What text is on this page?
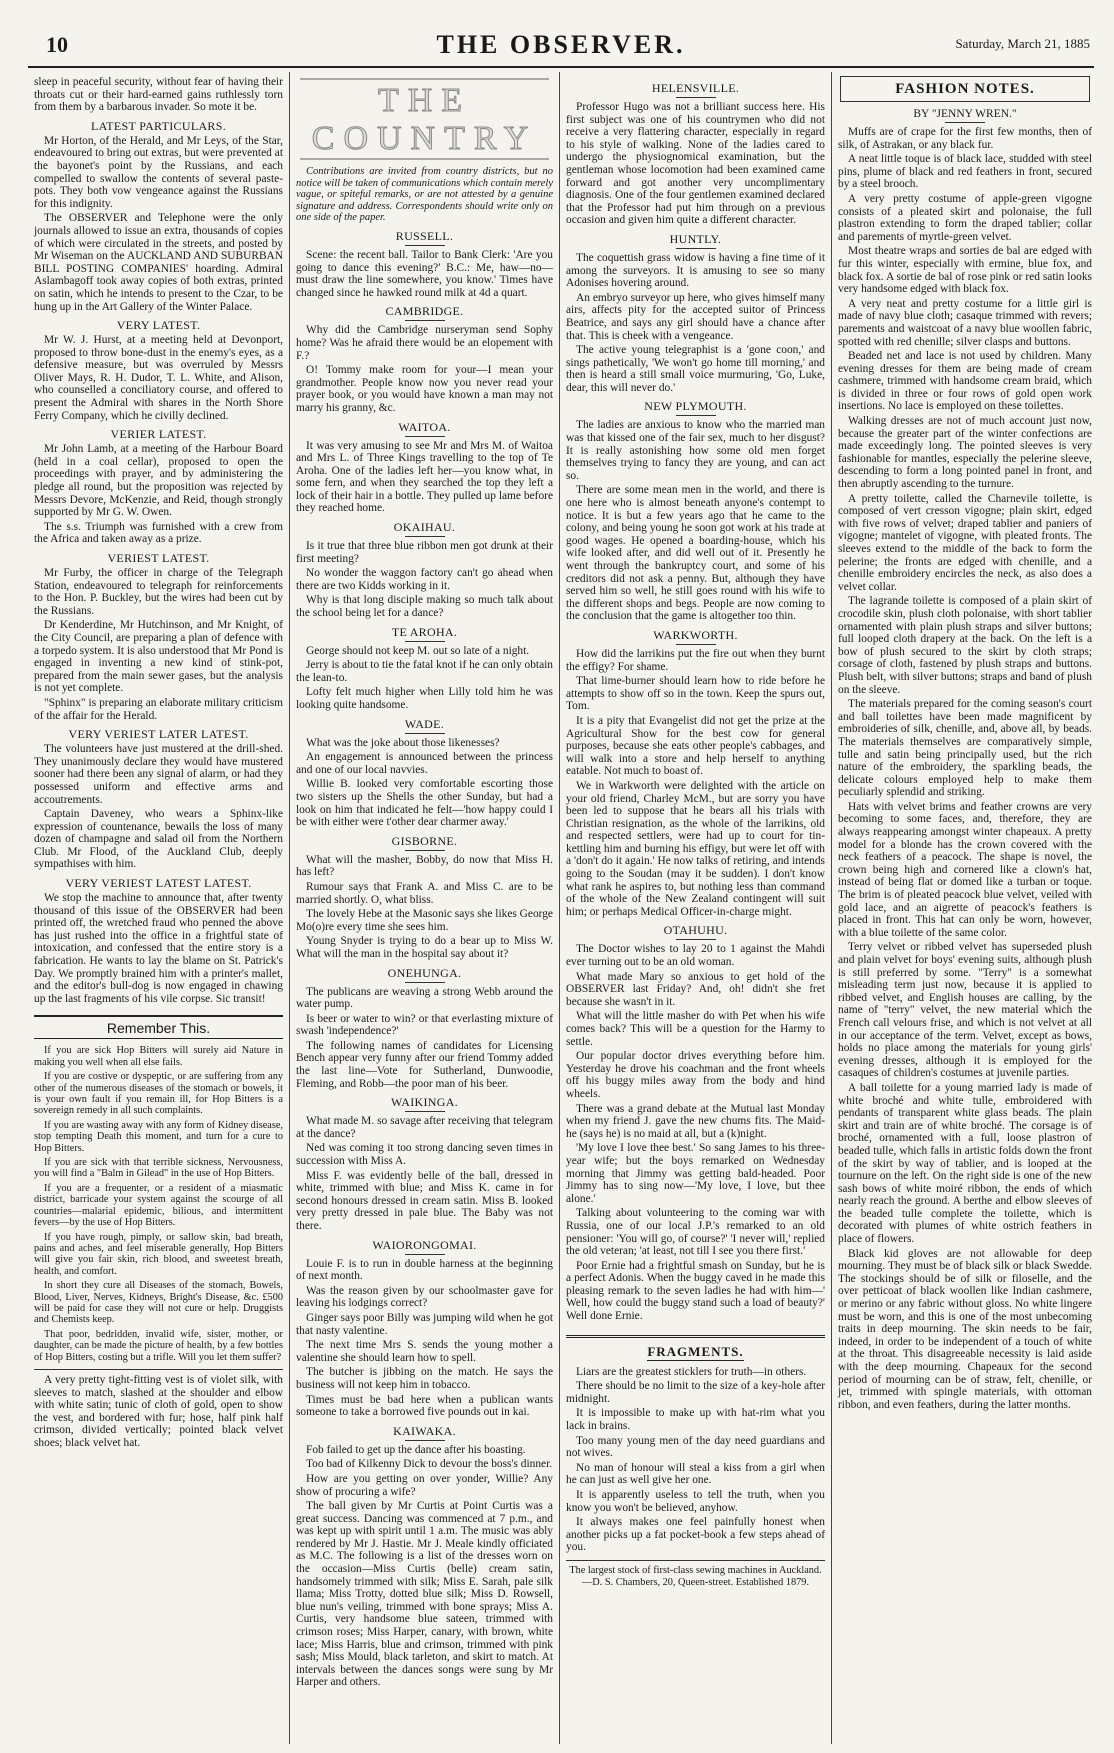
10	THE OBSERVER.	Saturday, March 21, 1885

sleep in peaceful security, without fear of having their throats cut or their hard-earned gains ruthlessly torn from them by a barbarous invader. So mote it be.

LATEST PARTICULARS.

Mr Horton, of the Herald, and Mr Leys, of the Star, endeavoured to bring out extras, but were prevented at the bayonet's point by the Russians, and each compelled to swallow the contents of several paste-pots. They both vow vengeance against the Russians for this indignity.

The OBSERVER and Telephone were the only journals allowed to issue an extra, thousands of copies of which were circulated in the streets, and posted by Mr Wiseman on the AUCKLAND AND SUBURBAN BILL POSTING COMPANIES' hoarding. Admiral Aslambagoff took away copies of both extras, printed on satin, which he intends to present to the Czar, to be hung up in the Art Gallery of the Winter Palace.

VERY LATEST.

Mr W. J. Hurst, at a meeting held at Devonport, proposed to throw bone-dust in the enemy's eyes, as a defensive measure, but was overruled by Messrs Oliver Mays, R. H. Dudor, T. L. White, and Alison, who counselled a conciliatory course, and offered to present the Admiral with shares in the North Shore Ferry Company, which he civilly declined.

VERIER LATEST.

Mr John Lamb, at a meeting of the Harbour Board (held in a coal cellar), proposed to open the proceedings with prayer, and by administering the pledge all round, but the proposition was rejected by Messrs Devore, McKenzie, and Reid, though strongly supported by Mr G. W. Owen.

The s.s. Triumph was furnished with a crew from the Africa and taken away as a prize.

VERIEST LATEST.

Mr Furby, the officer in charge of the Telegraph Station, endeavoured to telegraph for reinforcements to the Hon. P. Buckley, but the wires had been cut by the Russians.

Dr Kenderdine, Mr Hutchinson, and Mr Knight, of the City Council, are preparing a plan of defence with a torpedo system. It is also understood that Mr Pond is engaged in inventing a new kind of stink-pot, prepared from the main sewer gases, but the analysis is not yet complete.

"Sphinx" is preparing an elaborate military criticism of the affair for the Herald.

VERY VERIEST LATER LATEST.

The volunteers have just mustered at the drill-shed. They unanimously declare they would have mustered sooner had there been any signal of alarm, or had they possessed uniform and effective arms and accoutrements.

Captain Daveney, who wears a Sphinx-like expression of countenance, bewails the loss of many dozen of champagne and salad oil from the Northern Club. Mr Flood, of the Auckland Club, deeply sympathises with him.

VERY VERIEST LATEST LATEST.

We stop the machine to announce that, after twenty thousand of this issue of the OBSERVER had been printed off, the wretched fraud who penned the above has just rushed into the office in a frightful state of intoxication, and confessed that the entire story is a fabrication. He wants to lay the blame on St. Patrick's Day. We promptly brained him with a printer's mallet, and the editor's bull-dog is now engaged in chawing up the last fragments of his vile corpse. Sic transit!

Remember This.

If you are sick Hop Bitters will surely aid Nature in making you well when all else fails.

If you are costive or dyspeptic, or are suffering from any other of the numerous diseases of the stomach or bowels, it is your own fault if you remain ill, for Hop Bitters is a sovereign remedy in all such complaints.

If you are wasting away with any form of Kidney disease, stop tempting Death this moment, and turn for a cure to Hop Bitters.

If you are sick with that terrible sickness, Nervousness, you will find a "Balm in Gilead" in the use of Hop Bitters.

If you are a frequenter, or a resident of a miasmatic district, barricade your system against the scourge of all countries—malarial epidemic, bilious, and intermittent fevers—by the use of Hop Bitters.

If you have rough, pimply, or sallow skin, bad breath, pains and aches, and feel miserable generally, Hop Bitters will give you fair skin, rich blood, and sweetest breath, health, and comfort.

In short they cure all Diseases of the stomach, Bowels, Blood, Liver, Nerves, Kidneys, Bright's Disease, &c. £500 will be paid for case they will not cure or help. Druggists and Chemists keep.

That poor, bedridden, invalid wife, sister, mother, or daughter, can be made the picture of health, by a few bottles of Hop Bitters, costing but a trifle. Will you let them suffer?

A very pretty tight-fitting vest is of violet silk, with sleeves to match, slashed at the shoulder and elbow with white satin; tunic of cloth of gold, open to show the vest, and bordered with fur; hose, half pink half crimson, divided vertically; pointed black velvet shoes; black velvet hat.

THE COUNTRY

Contributions are invited from country districts, but no notice will be taken of communications which contain merely vague, or spiteful remarks, or are not attested by a genuine signature and address. Correspondents should write only on one side of the paper.

RUSSELL.

Scene: the recent ball. Tailor to Bank Clerk: 'Are you going to dance this evening?' B.C.: Me, haw—no—must draw the line somewhere, you know.' Times have changed since he hawked round milk at 4d a quart.

CAMBRIDGE.

Why did the Cambridge nurseryman send Sophy home? Was he afraid there would be an elopement with F.?

O! Tommy make room for your—I mean your grandmother. People know now you never read your prayer book, or you would have known a man may not marry his granny, &c.

WAITOA.

It was very amusing to see Mr and Mrs M. of Waitoa and Mrs L. of Three Kings travelling to the top of Te Aroha. One of the ladies left her—you know what, in some fern, and when they searched the top they left a lock of their hair in a bottle. They pulled up lame before they reached home.

OKAIHAU.

Is it true that three blue ribbon men got drunk at their first meeting?

No wonder the waggon factory can't go ahead when there are two Kidds working in it.

Why is that long disciple making so much talk about the school being let for a dance?

TE AROHA.

George should not keep M. out so late of a night.

Jerry is about to tie the fatal knot if he can only obtain the lean-to.

Lofty felt much higher when Lilly told him he was looking quite handsome.

WADE.

What was the joke about those likenesses?

An engagement is announced between the princess and one of our local navvies.

Willie B. looked very comfortable escorting those two sisters up the Shells the other Sunday, but had a look on him that indicated he felt—'how happy could I be with either were t'other dear charmer away.'

GISBORNE.

What will the masher, Bobby, do now that Miss H. has left?

Rumour says that Frank A. and Miss C. are to be married shortly. O, what bliss.

The lovely Hebe at the Masonic says she likes George Mo(o)re every time she sees him.

Young Snyder is trying to do a bear up to Miss W. What will the man in the hospital say about it?

ONEHUNGA.

The publicans are weaving a strong Webb around the water pump.

Is beer or water to win? or that everlasting mixture of swash 'independence?'

The following names of candidates for Licensing Bench appear very funny after our friend Tommy added the last line—Vote for Sutherland, Dunwoodie, Fleming, and Robb—the poor man of his beer.

WAIKINGA.

What made M. so savage after receiving that telegram at the dance?

Ned was coming it too strong dancing seven times in succession with Miss A.

Miss F. was evidently belle of the ball, dressed in white, trimmed with blue; and Miss K. came in for second honours dressed in cream satin. Miss B. looked very pretty dressed in pale blue. The Baby was not there.

WAIORONGOMAI.

Louie F. is to run in double harness at the beginning of next month.

Was the reason given by our schoolmaster gave for leaving his lodgings correct?

Ginger says poor Billy was jumping wild when he got that nasty valentine.

The next time Mrs S. sends the young mother a valentine she should learn how to spell.

The butcher is jibbing on the match. He says the business will not keep him in tobacco.

Times must be bad here when a publican wants someone to take a borrowed five pounds out in kai.

KAIWAKA.

Fob failed to get up the dance after his boasting.

Too bad of Kilkenny Dick to devour the boss's dinner.

How are you getting on over yonder, Willie? Any show of procuring a wife?

The ball given by Mr Curtis at Point Curtis was a great success. Dancing was commenced at 7 p.m., and was kept up with spirit until 1 a.m. The music was ably rendered by Mr J. Hastie. Mr J. Meale kindly officiated as M.C. The following is a list of the dresses worn on the occasion—Miss Curtis (belle) cream satin, handsomely trimmed with silk; Miss E. Sarah, pale silk llama; Miss Trotty, dotted blue silk; Miss D. Rowsell, blue nun's veiling, trimmed with bone sprays; Miss A. Curtis, very handsome blue sateen, trimmed with crimson roses; Miss Harper, canary, with brown, white lace; Miss Harris, blue and crimson, trimmed with pink sash; Miss Mould, black tarleton, and skirt to match. At intervals between the dances songs were sung by Mr Harper and others.

HELENSVILLE.

Professor Hugo was not a brilliant success here. His first subject was one of his countrymen who did not receive a very flattering character, especially in regard to his style of walking. None of the ladies cared to undergo the physiognomical examination, but the gentleman whose locomotion had been examined came forward and got another very uncomplimentary diagnosis. One of the four gentlemen examined declared that the Professor had put him through on a previous occasion and given him quite a different character.

HUNTLY.

The coquettish grass widow is having a fine time of it among the surveyors. It is amusing to see so many Adonises hovering around.

An embryo surveyor up here, who gives himself many airs, affects pity for the accepted suitor of Princess Beatrice, and says any girl should have a chance after that. This is cheek with a vengeance.

The active young telegraphist is a 'gone coon,' and sings pathetically, 'We won't go home till morning,' and then is heard a still small voice murmuring, 'Go, Luke, dear, this will never do.'

NEW PLYMOUTH.

The ladies are anxious to know who the married man was that kissed one of the fair sex, much to her disgust? It is really astonishing how some old men forget themselves trying to fancy they are young, and can act so.

There are some mean men in the world, and there is one here who is almost beneath anyone's contempt to notice. It is but a few years ago that he came to the colony, and being young he soon got work at his trade at good wages. He opened a boarding-house, which his wife looked after, and did well out of it. Presently he went through the bankruptcy court, and some of his creditors did not ask a penny. But, although they have served him so well, he still goes round with his wife to the different shops and begs. People are now coming to the conclusion that the game is altogether too thin.

WARKWORTH.

How did the larrikins put the fire out when they burnt the effigy? For shame.

That lime-burner should learn how to ride before he attempts to show off so in the town. Keep the spurs out, Tom.

It is a pity that Evangelist did not get the prize at the Agricultural Show for the best cow for general purposes, because she eats other people's cabbages, and will walk into a store and help herself to anything eatable. Not much to boast of.

We in Warkworth were delighted with the article on your old friend, Charley McM., but are sorry you have been led to suppose that he bears all his trials with Christian resignation, as the whole of the larrikins, old and respected settlers, were had up to court for tin-kettling him and burning his effigy, but were let off with a 'don't do it again.' He now talks of retiring, and intends going to the Soudan (may it be sudden). I don't know what rank he aspires to, but nothing less than command of the whole of the New Zealand contingent will suit him; or perhaps Medical Officer-in-charge might.

OTAHUHU.

The Doctor wishes to lay 20 to 1 against the Mahdi ever turning out to be an old woman.

What made Mary so anxious to get hold of the OBSERVER last Friday? And, oh! didn't she fret because she wasn't in it.

What will the little masher do with Pet when his wife comes back? This will be a question for the Harmy to settle.

Our popular doctor drives everything before him. Yesterday he drove his coachman and the front wheels off his buggy miles away from the body and hind wheels.

There was a grand debate at the Mutual last Monday when my friend J. gave the new chums fits. The Maid-he (says he) is no maid at all, but a (k)night.

'My love I love thee best.' So sang James to his three-year wife; but the boys remarked on Wednesday morning that Jimmy was getting bald-headed. Poor Jimmy has to sing now—'My love, I love, but thee alone.'

Talking about volunteering to the coming war with Russia, one of our local J.P.'s remarked to an old pensioner: 'You will go, of course?' 'I never will,' replied the old veteran; 'at least, not till I see you there first.'

Poor Ernie had a frightful smash on Sunday, but he is a perfect Adonis. When the buggy caved in he made this pleasing remark to the seven ladies he had with him—' Well, how could the buggy stand such a load of beauty?' Well done Ernie.

FRAGMENTS.

Liars are the greatest sticklers for truth—in others.

There should be no limit to the size of a key-hole after midnight.

It is impossible to make up with hat-rim what you lack in brains.

Too many young men of the day need guardians and not wives.

No man of honour will steal a kiss from a girl when he can just as well give her one.

It is apparently useless to tell the truth, when you know you won't be believed, anyhow.

It always makes one feel painfully honest when another picks up a fat pocket-book a few steps ahead of you.

The largest stock of first-class sewing machines in Auckland.—D. S. Chambers, 20, Queen-street. Established 1879.
FASHION NOTES.
BY "JENNY WREN."

Muffs are of crape for the first few months, then of silk, of Astrakan, or any black fur.

A neat little toque is of black lace, studded with steel pins, plume of black and red feathers in front, secured by a steel brooch.

A very pretty costume of apple-green vigogne consists of a pleated skirt and polonaise, the full plastron extending to form the draped tablier; collar and parements of myrtle-green velvet.

Most theatre wraps and sorties de bal are edged with fur this winter, especially with ermine, blue fox, and black fox. A sortie de bal of rose pink or red satin looks very handsome edged with black fox.

A very neat and pretty costume for a little girl is made of navy blue cloth; casaque trimmed with revers; parements and waistcoat of a navy blue woollen fabric, spotted with red chenille; silver clasps and buttons.

Beaded net and lace is not used by children. Many evening dresses for them are being made of cream cashmere, trimmed with handsome cream braid, which is divided in three or four rows of gold open work insertions. No lace is employed on these toilettes.

Walking dresses are not of much account just now, because the greater part of the winter confections are made exceedingly long. The pointed sleeves is very fashionable for mantles, especially the pelerine sleeve, descending to form a long pointed panel in front, and then abruptly ascending to the turnure.

A pretty toilette, called the Charnevile toilette, is composed of vert cresson vigogne; plain skirt, edged with five rows of velvet; draped tablier and paniers of vigogne; mantelet of vigogne, with pleated fronts. The sleeves extend to the middle of the back to form the pelerine; the fronts are edged with chenille, and a chenille embroidery encircles the neck, as also does a velvet collar.

The lagrande toilette is composed of a plain skirt of crocodile skin, plush cloth polonaise, with short tablier ornamented with plain plush straps and silver buttons; full looped cloth drapery at the back. On the left is a bow of plush secured to the skirt by cloth straps; corsage of cloth, fastened by plush straps and buttons. Plush belt, with silver buttons; straps and band of plush on the sleeve.

The materials prepared for the coming season's court and ball toilettes have been made magnificent by embroideries of silk, chenille, and, above all, by beads. The materials themselves are comparatively simple, tulle and satin being principally used, but the rich nature of the embroidery, the sparkling beads, the delicate colours employed help to make them peculiarly splendid and striking.

Hats with velvet brims and feather crowns are very becoming to some faces, and, therefore, they are always reappearing amongst winter chapeaux. A pretty model for a blonde has the crown covered with the neck feathers of a peacock. The shape is novel, the crown being high and cornered like a clown's hat, instead of being flat or domed like a turban or toque. The brim is of pleated peacock blue velvet, veiled with gold lace, and an aigrette of peacock's feathers is placed in front. This hat can only be worn, however, with a blue toilette of the same color.

Terry velvet or ribbed velvet has superseded plush and plain velvet for boys' evening suits, although plush is still preferred by some. "Terry" is a somewhat misleading term just now, because it is applied to ribbed velvet, and English houses are calling, by the name of "terry" velvet, the new material which the French call velours frise, and which is not velvet at all in our acceptance of the term. Velvet, except as bows, holds no place among the materials for young girls' evening dresses, although it is employed for the casaques of children's costumes at juvenile parties.

A ball toilette for a young married lady is made of white broché and white tulle, embroidered with pendants of transparent white glass beads. The plain skirt and train are of white broché. The corsage is of broché, ornamented with a full, loose plastron of beaded tulle, which falls in artistic folds down the front of the skirt by way of tablier, and is looped at the tournure on the left. On the right side is one of the new sash bows of white moiré ribbon, the ends of which nearly reach the ground. A berthe and elbow sleeves of the beaded tulle complete the toilette, which is decorated with plumes of white ostrich feathers in place of flowers.

Black kid gloves are not allowable for deep mourning. They must be of black silk or black Swedde. The stockings should be of silk or filoselle, and the over petticoat of black woollen like Indian cashmere, or merino or any fabric without gloss. No white lingere must be worn, and this is one of the most unbecoming traits in deep mourning. The skin needs to be fair, indeed, in order to be independent of a touch of white at the throat. This disagreeable necessity is laid aside with the deep mourning. Chapeaux for the second period of mourning can be of straw, felt, chenille, or jet, trimmed with spingle materials, with ottoman ribbon, and even feathers, during the latter months.
